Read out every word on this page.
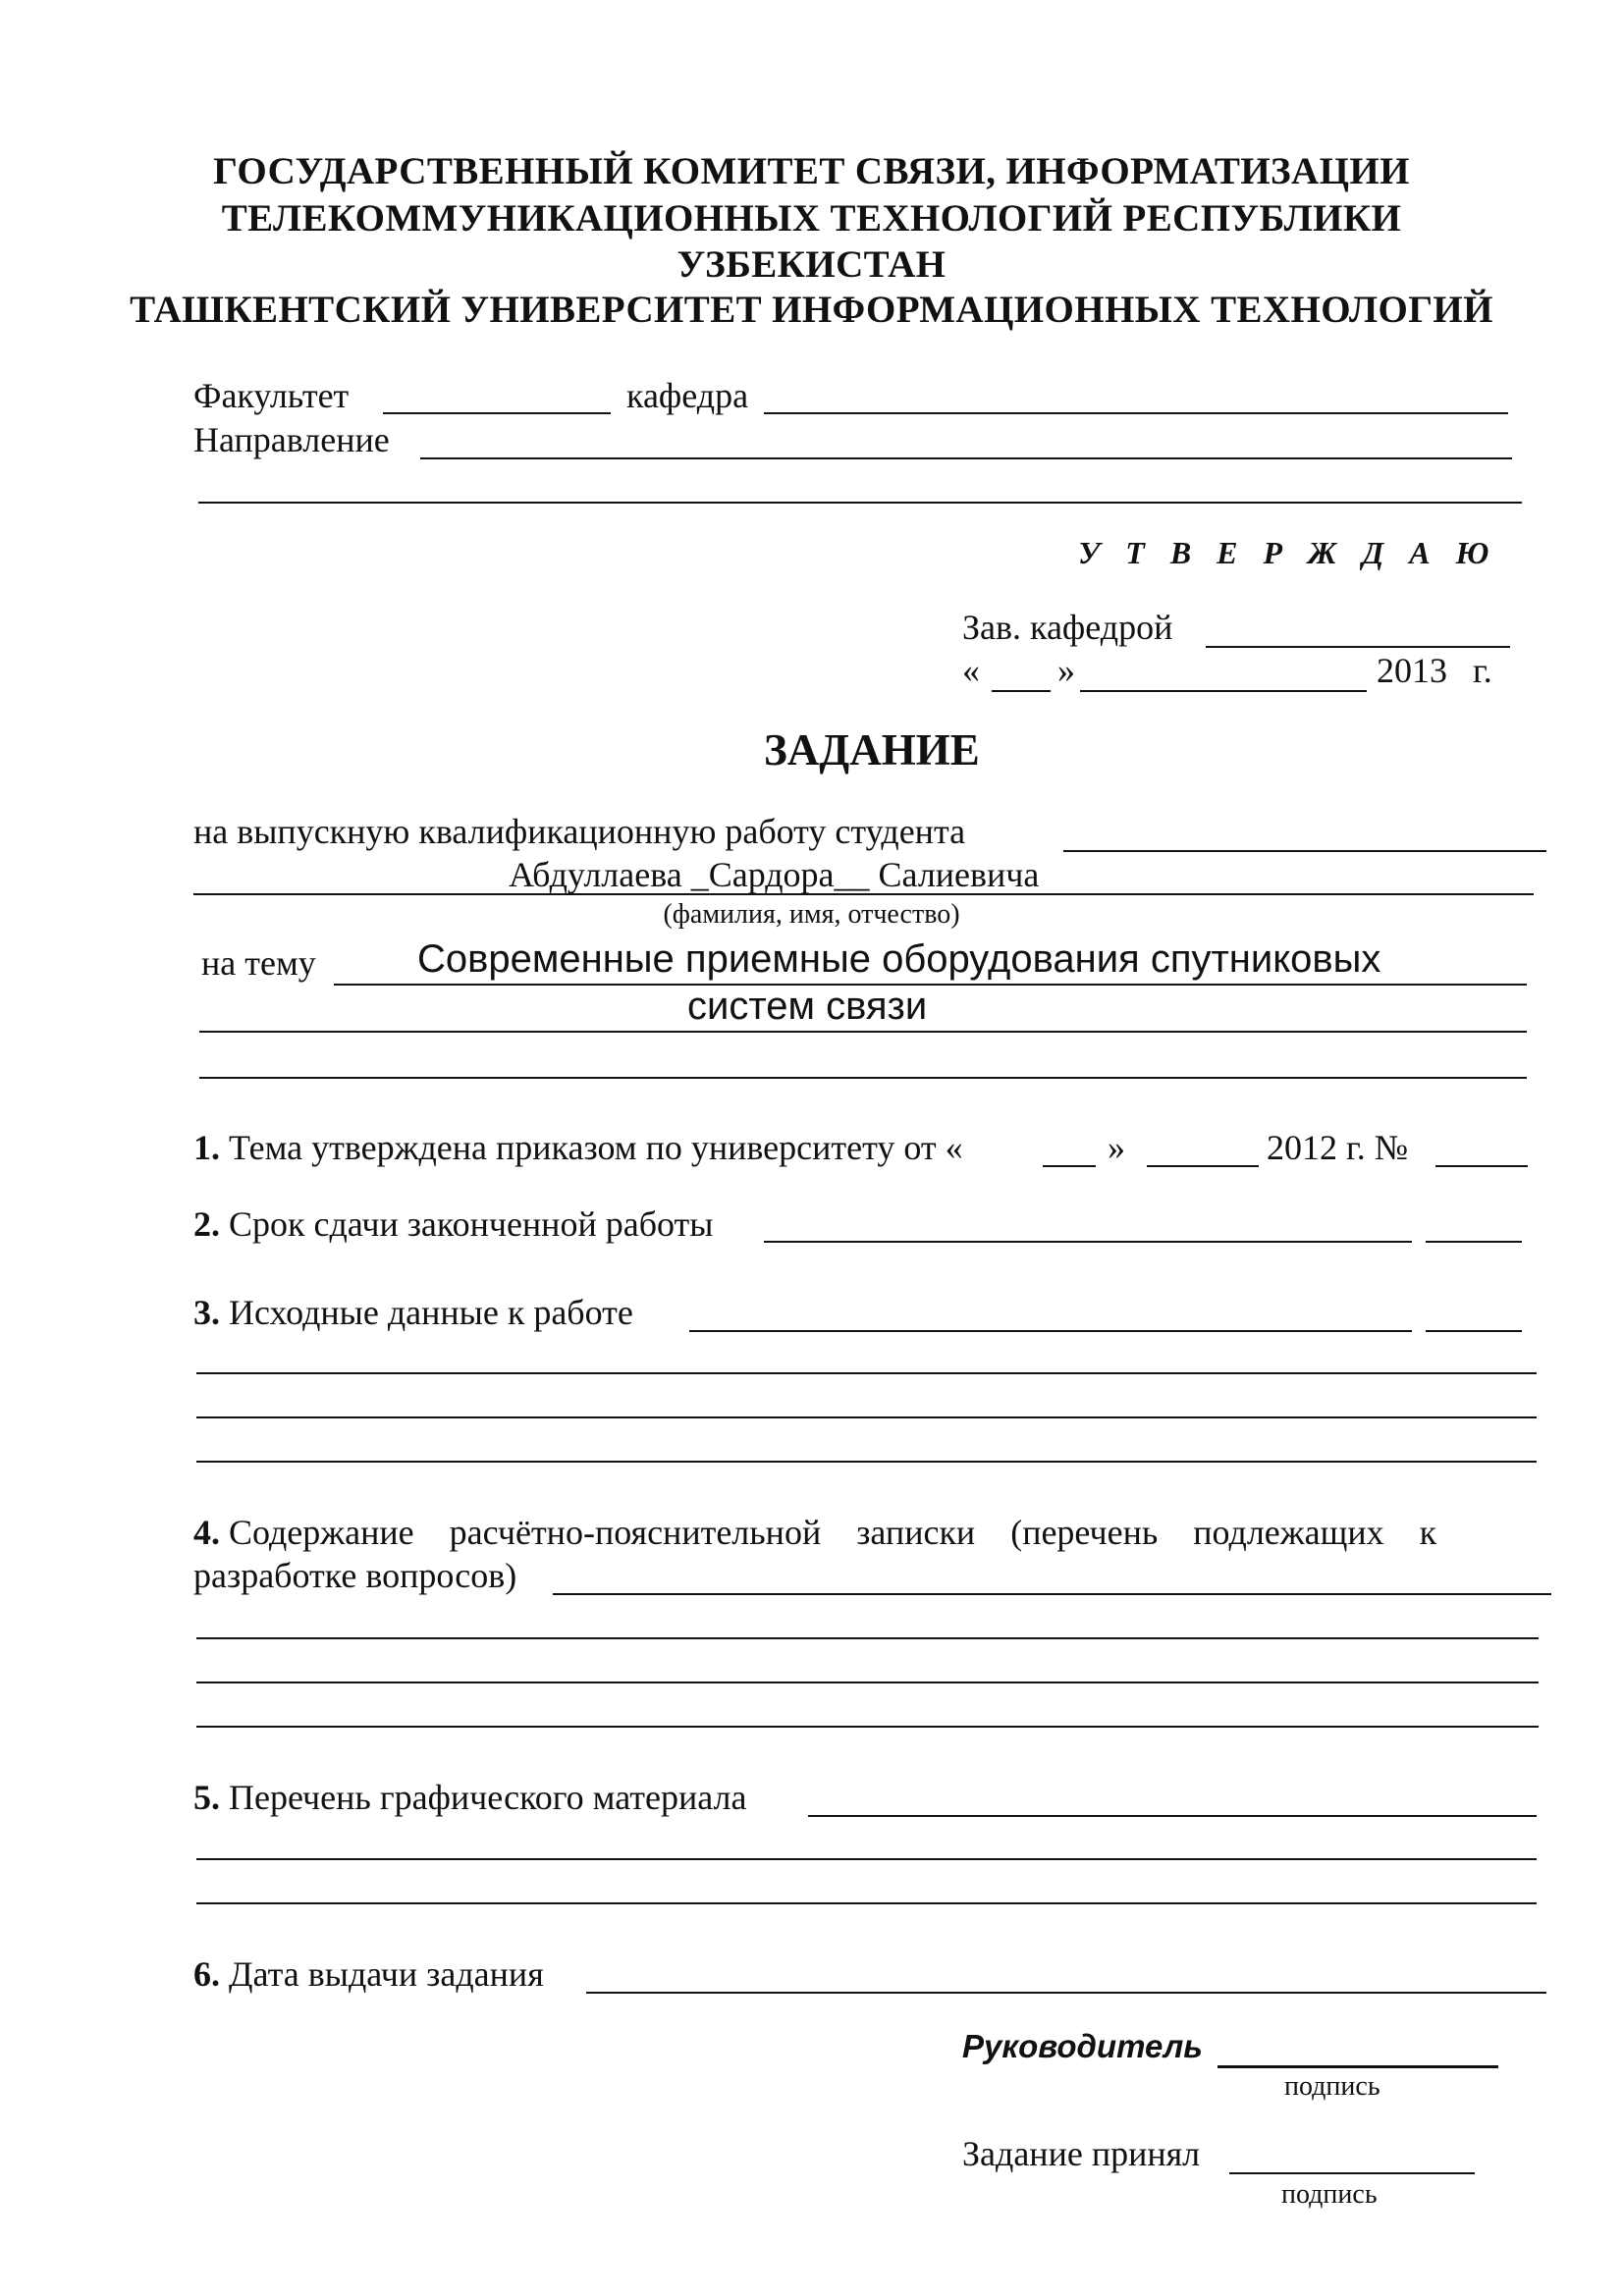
ГОСУДАРСТВЕННЫЙ КОМИТЕТ СВЯЗИ, ИНФОРМАТИЗАЦИИ
ТЕЛЕКОММУНИКАЦИОННЫХ ТЕХНОЛОГИЙ РЕСПУБЛИКИ
УЗБЕКИСТАН
ТАШКЕНТСКИЙ УНИВЕРСИТЕТ ИНФОРМАЦИОННЫХ ТЕХНОЛОГИЙ
Факультет	кафедра
Направление
У Т В Е Р Ж Д А Ю
Зав. кафедрой
« »	2013 г.
ЗАДАНИЕ
на выпускную квалификационную работу студента
Абдуллаева _Сардора__ Салиевича
(фамилия, имя, отчество)
на тему	Современные приемные оборудования спутниковых
систем связи
1. Тема утверждена приказом по университету от «	»	2012 г. №
2. Срок сдачи законченной работы
3. Исходные данные к работе
4. Содержание    расчётно-пояснительной    записки    (перечень    подлежащих    к
разработке вопросов)
5. Перечень графического материала
6. Дата выдачи задания
Руководитель
подпись
Задание принял
подпись
